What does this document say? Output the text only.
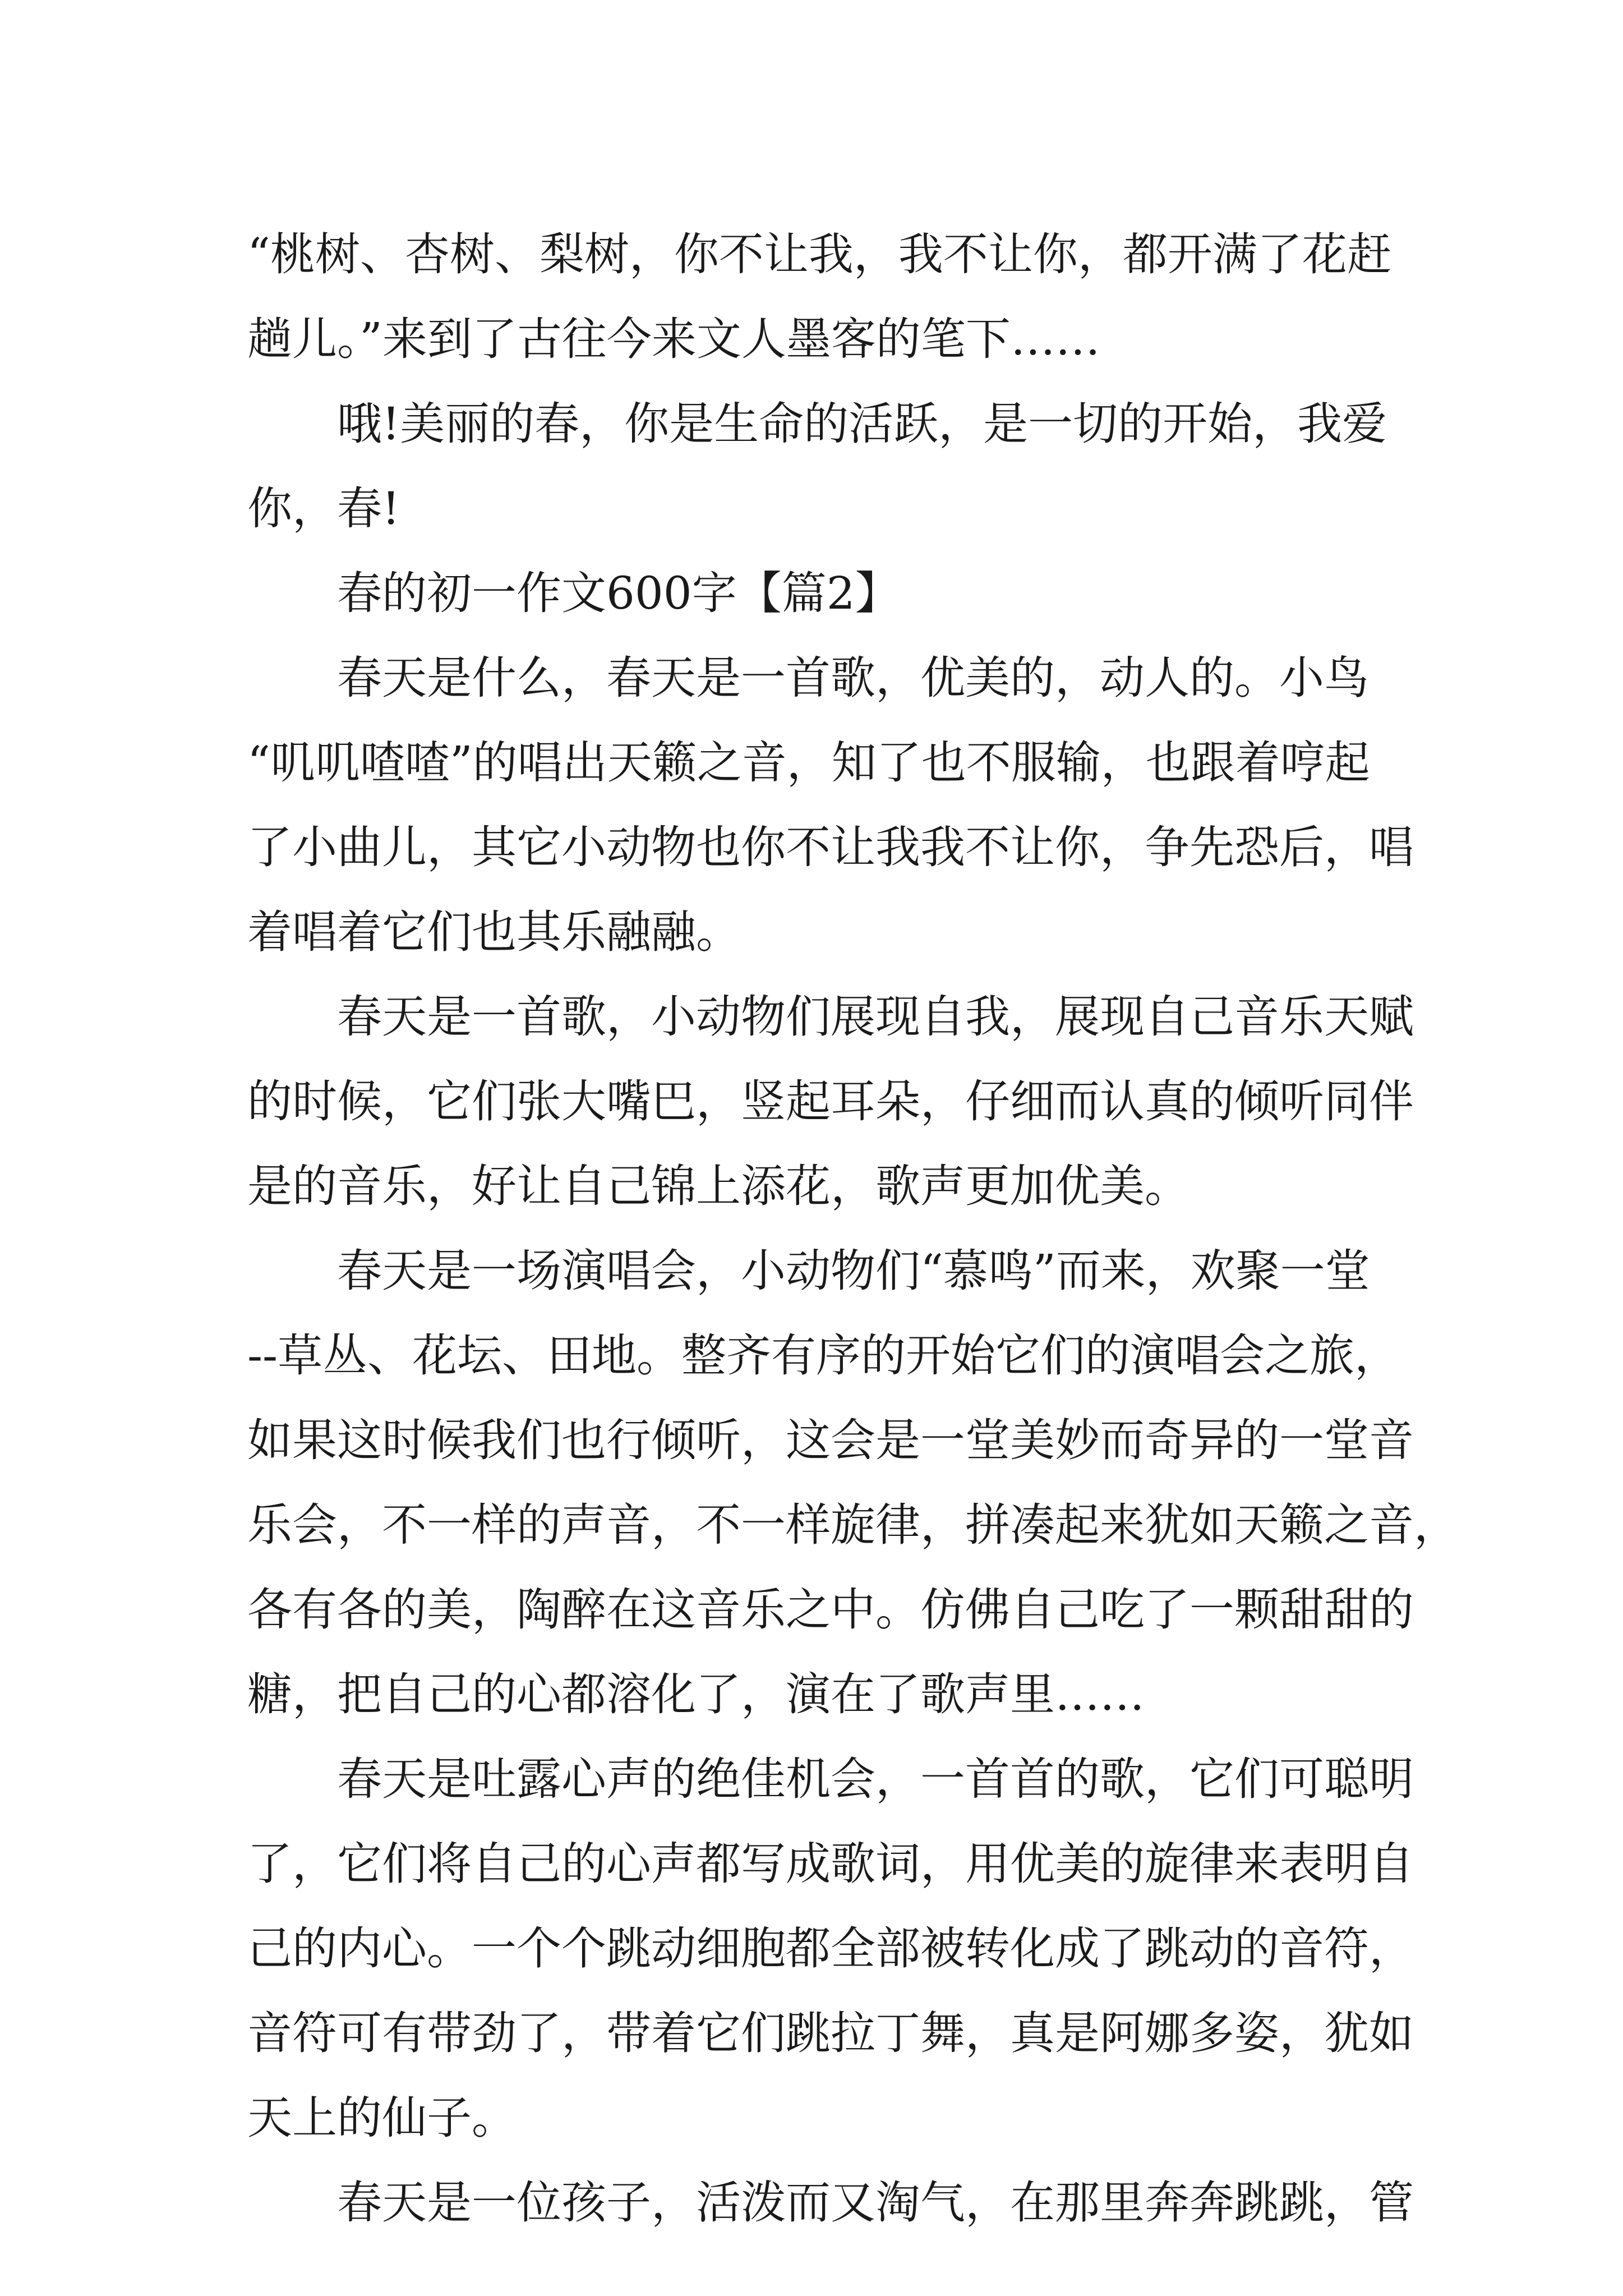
“桃树、杏树、梨树，你不让我，我不让你，都开满了花赶
趟儿。”来到了古往今来文人墨客的笔下……
哦!美丽的春，你是生命的活跃，是一切的开始，我爱
你，春!
春的初一作文600字【篇2】
春天是什么，春天是一首歌，优美的，动人的。小鸟
“叽叽喳喳”的唱出天籁之音，知了也不服输，也跟着哼起
了小曲儿，其它小动物也你不让我我不让你，争先恐后，唱
着唱着它们也其乐融融。
春天是一首歌，小动物们展现自我，展现自己音乐天赋
的时候，它们张大嘴巴，竖起耳朵，仔细而认真的倾听同伴
是的音乐，好让自己锦上添花，歌声更加优美。
春天是一场演唱会，小动物们“慕鸣”而来，欢聚一堂
--草丛、花坛、田地。整齐有序的开始它们的演唱会之旅，
如果这时候我们也行倾听，这会是一堂美妙而奇异的一堂音
乐会，不一样的声音，不一样旋律，拼凑起来犹如天籁之音，
各有各的美，陶醉在这音乐之中。仿佛自己吃了一颗甜甜的
糖，把自己的心都溶化了，演在了歌声里……
春天是吐露心声的绝佳机会，一首首的歌，它们可聪明
了，它们将自己的心声都写成歌词，用优美的旋律来表明自
己的内心。一个个跳动细胞都全部被转化成了跳动的音符，
音符可有带劲了，带着它们跳拉丁舞，真是阿娜多姿，犹如
天上的仙子。
春天是一位孩子，活泼而又淘气，在那里奔奔跳跳，管
